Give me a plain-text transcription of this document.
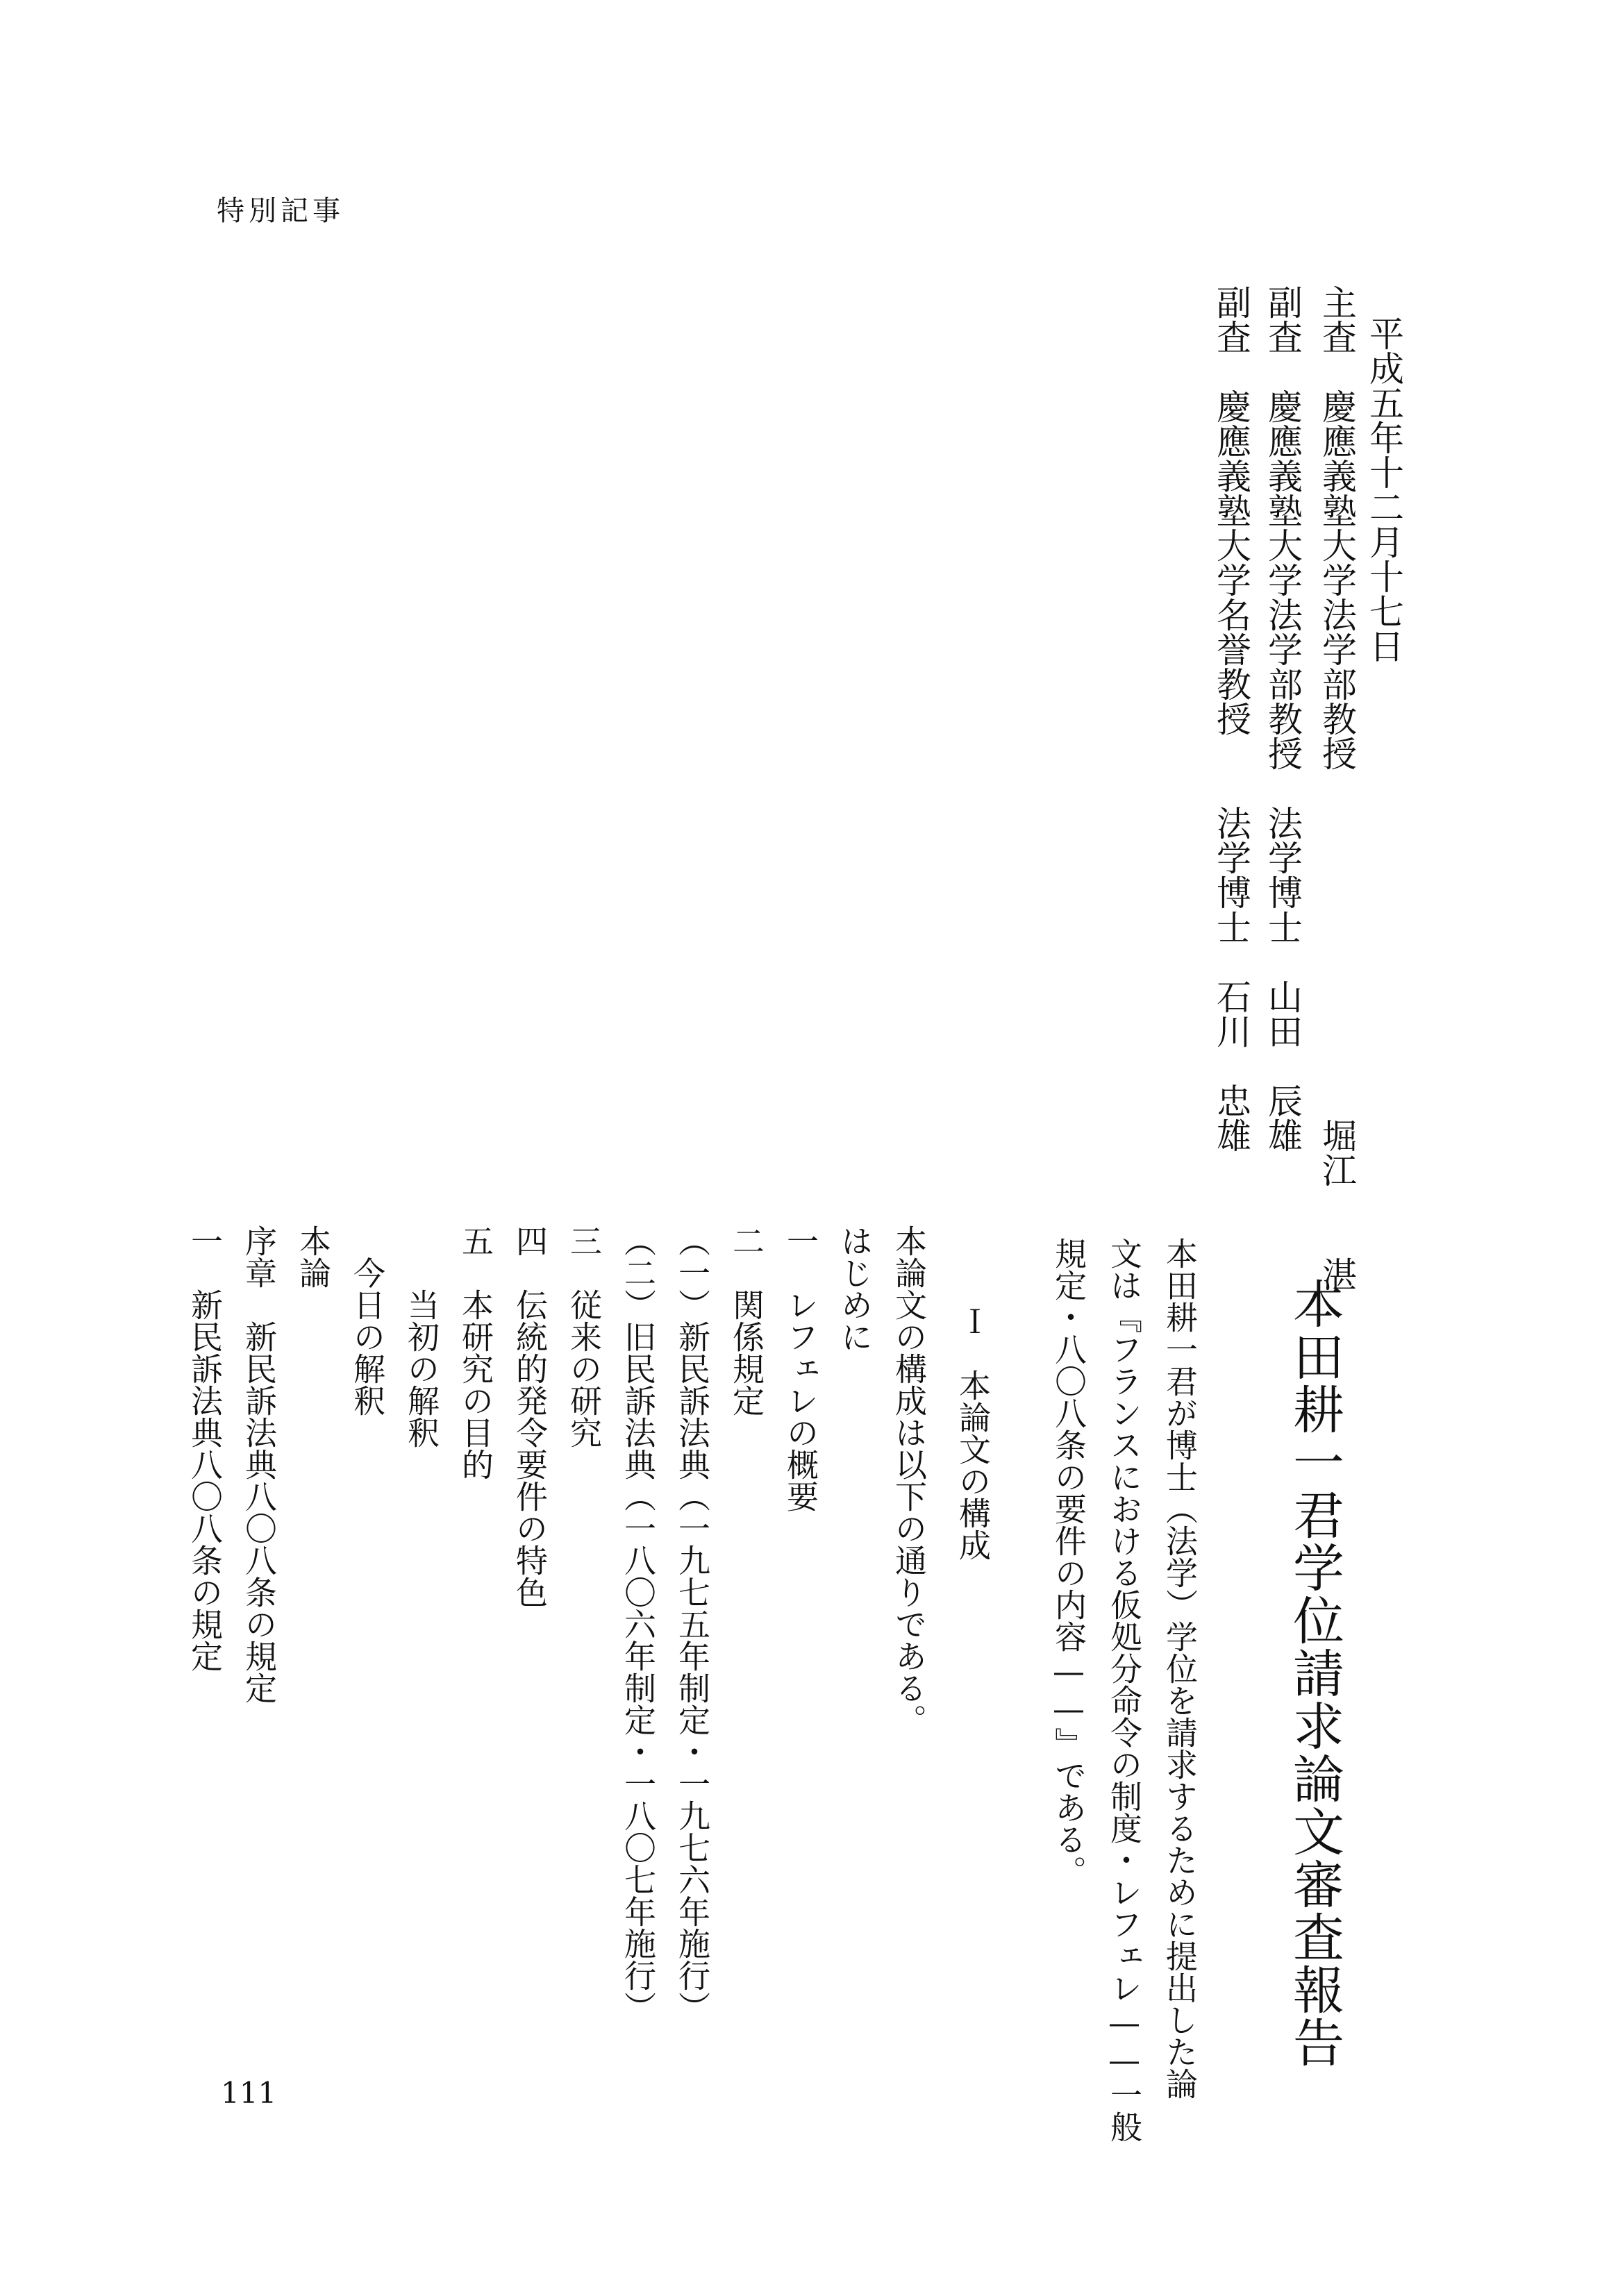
特別記事
平成五年十二月十七日
主査　慶應義塾大学法学部教授　　　　　　　　　　堀江　　湛
副査　慶應義塾大学法学部教授　法学博士　山田　辰雄
副査　慶應義塾大学名誉教授　　法学博士　石川　忠雄
本田耕一君学位請求論文審査報告
本田耕一君が博士（法学）学位を請求するために提出した論
文は『フランスにおける仮処分命令の制度・レフェレ——一般
規定・八〇八条の要件の内容——』である。
Ｉ　本論文の構成
本論文の構成は以下の通りである。
はじめに
一　レフェレの概要
二　関係規定
（一）新民訴法典（一九七五年制定・一九七六年施行）
（二）旧民訴法典（一八〇六年制定・一八〇七年施行）
三　従来の研究
四　伝統的発令要件の特色
五　本研究の目的
　　当初の解釈
　今日の解釈
本論
序章　新民訴法典八〇八条の規定
一　新民訴法典八〇八条の規定
111
